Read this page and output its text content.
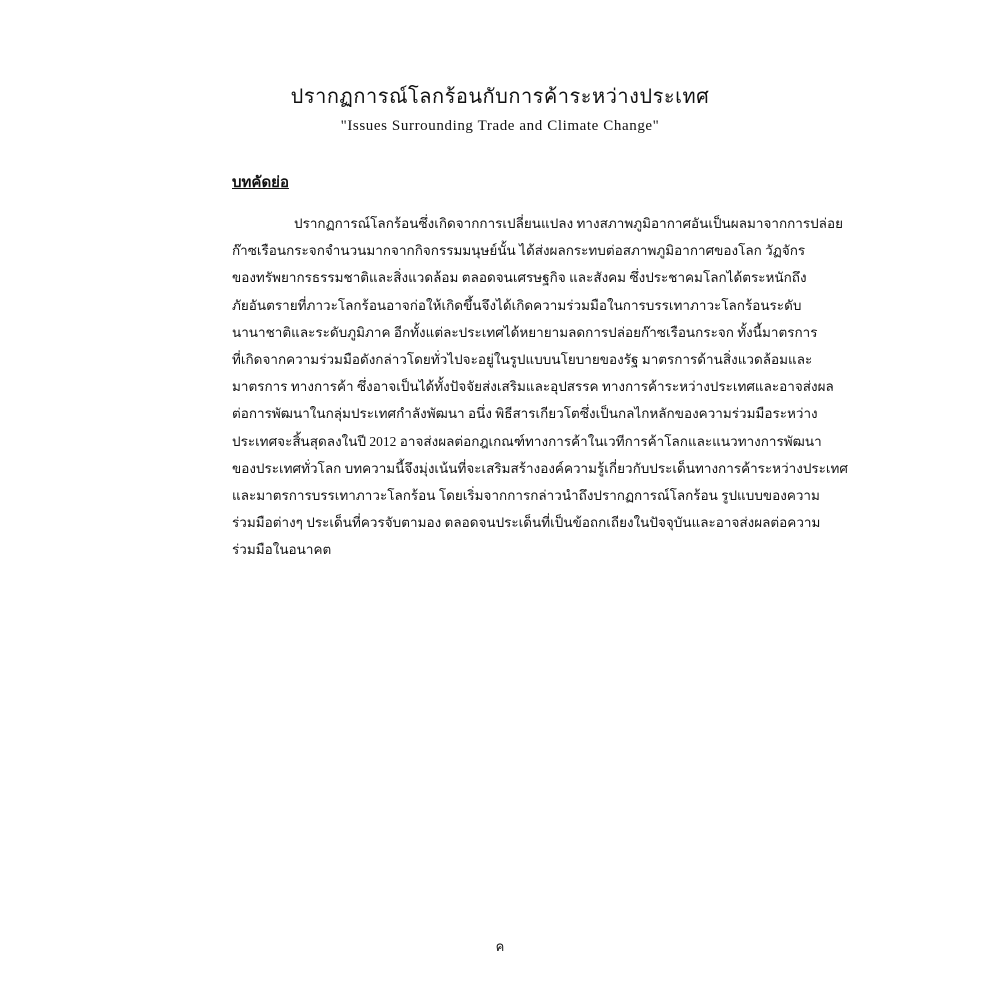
ปรากฏการณ์โลกร้อนกับการค้าระหว่างประเทศ
"Issues Surrounding Trade and Climate Change"
บทคัดย่อ
ปรากฏการณ์โลกร้อนซึ่งเกิดจากการเปลี่ยนแปลง ทางสภาพภูมิอากาศอันเป็นผลมาจากการปล่อย
ก๊าซเรือนกระจกจำนวนมากจากกิจกรรมมนุษย์นั้น ได้ส่งผลกระทบต่อสภาพภูมิอากาศของโลก วัฏจักร
ของทรัพยากรธรรมชาติและสิ่งแวดล้อม ตลอดจนเศรษฐกิจ และสังคม ซึ่งประชาคมโลกได้ตระหนักถึง
ภัยอันตรายที่ภาวะโลกร้อนอาจก่อให้เกิดขึ้นจึงได้เกิดความร่วมมือในการบรรเทาภาวะโลกร้อนระดับ
นานาชาติและระดับภูมิภาค อีกทั้งแต่ละประเทศได้หยายามลดการปล่อยก๊าซเรือนกระจก ทั้งนี้มาตรการ
ที่เกิดจากความร่วมมือดังกล่าวโดยทั่วไปจะอยู่ในรูปแบบนโยบายของรัฐ มาตรการด้านสิ่งแวดล้อมและ
มาตรการ ทางการค้า ซึ่งอาจเป็นได้ทั้งปัจจัยส่งเสริมและอุปสรรค ทางการค้าระหว่างประเทศและอาจส่งผล
ต่อการพัฒนาในกลุ่มประเทศกำลังพัฒนา อนึ่ง พิธีสารเกียวโตซึ่งเป็นกลไกหลักของความร่วมมือระหว่าง
ประเทศจะสิ้นสุดลงในปี 2012 อาจส่งผลต่อกฎเกณฑ์ทางการค้าในเวทีการค้าโลกและแนวทางการพัฒนา
ของประเทศทั่วโลก บทความนี้จึงมุ่งเน้นที่จะเสริมสร้างองค์ความรู้เกี่ยวกับประเด็นทางการค้าระหว่างประเทศ
และมาตรการบรรเทาภาวะโลกร้อน โดยเริ่มจากการกล่าวนำถึงปรากฏการณ์โลกร้อน รูปแบบของความ
ร่วมมือต่างๆ ประเด็นที่ควรจับตามอง ตลอดจนประเด็นที่เป็นข้อถกเถียงในปัจจุบันและอาจส่งผลต่อความ
ร่วมมือในอนาคต
ค
